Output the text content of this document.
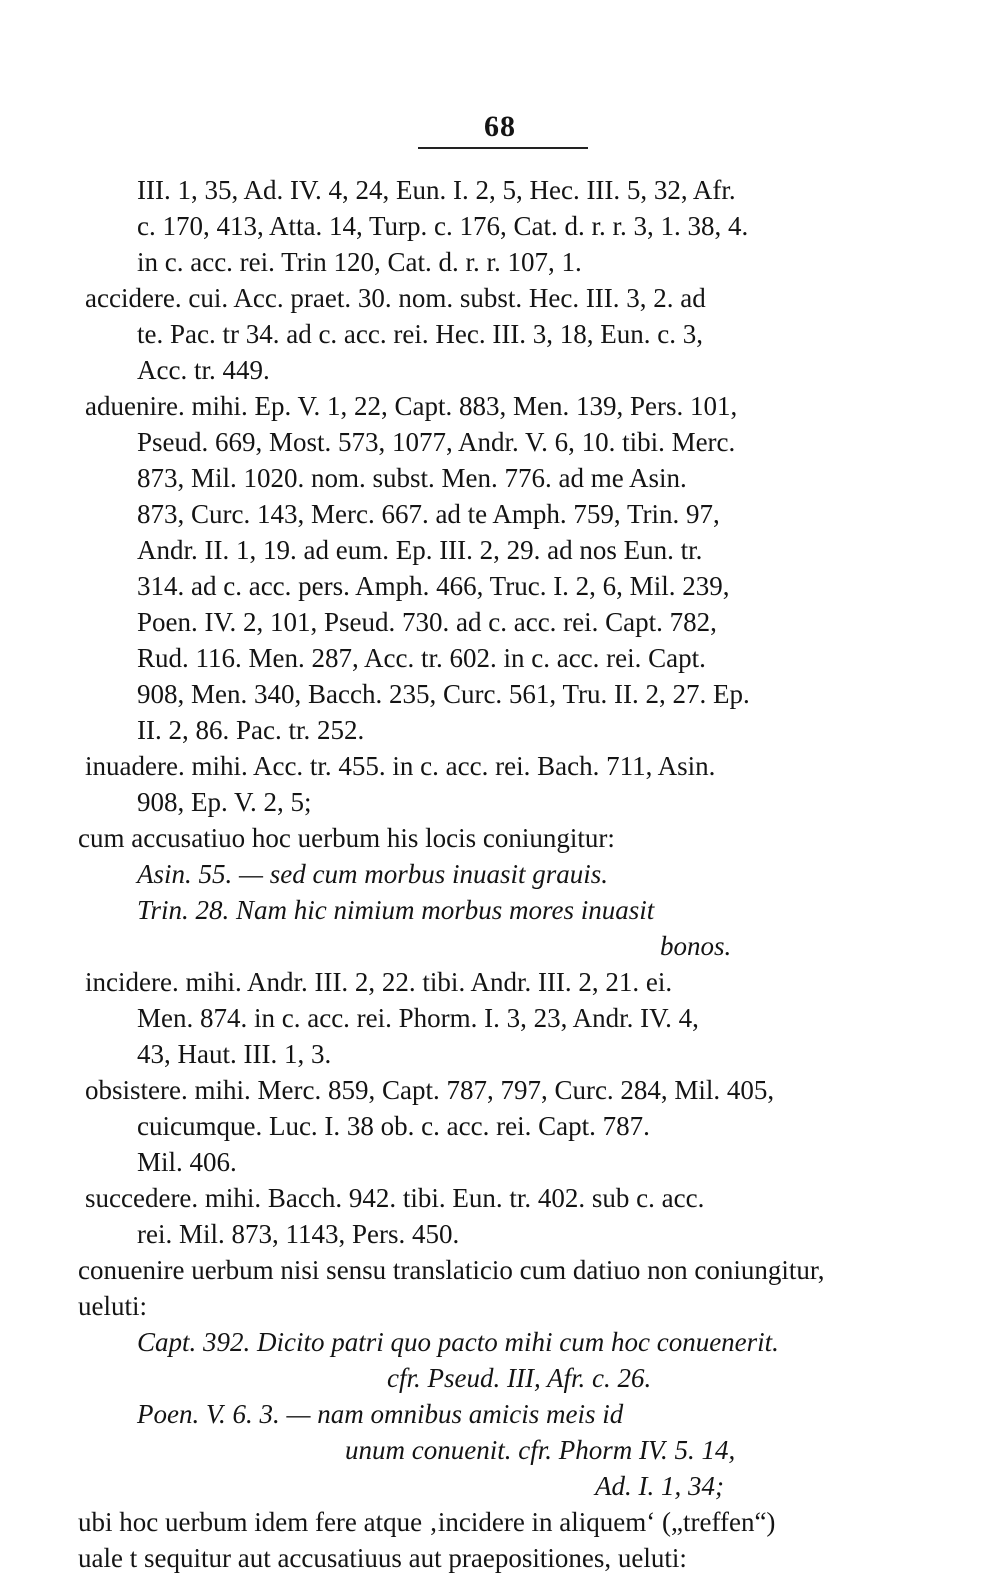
68
III. 1, 35, Ad. IV. 4, 24, Eun. I. 2, 5, Hec. III. 5, 32, Afr.
c. 170, 413, Atta. 14, Turp. c. 176, Cat. d. r. r. 3, 1. 38, 4.
in c. acc. rei. Trin 120, Cat. d. r. r. 107, 1.
accidere. cui. Acc. praet. 30. nom. subst. Hec. III. 3, 2. ad
te. Pac. tr 34. ad c. acc. rei. Hec. III. 3, 18, Eun. c. 3,
Acc. tr. 449.
aduenire. mihi. Ep. V. 1, 22, Capt. 883, Men. 139, Pers. 101,
Pseud. 669, Most. 573, 1077, Andr. V. 6, 10. tibi. Merc.
873, Mil. 1020. nom. subst. Men. 776. ad me Asin.
873, Curc. 143, Merc. 667. ad te Amph. 759, Trin. 97,
Andr. II. 1, 19. ad eum. Ep. III. 2, 29. ad nos Eun. tr.
314. ad c. acc. pers. Amph. 466, Truc. I. 2, 6, Mil. 239,
Poen. IV. 2, 101, Pseud. 730. ad c. acc. rei. Capt. 782,
Rud. 116. Men. 287, Acc. tr. 602. in c. acc. rei. Capt.
908, Men. 340, Bacch. 235, Curc. 561, Tru. II. 2, 27. Ep.
II. 2, 86. Pac. tr. 252.
inuadere. mihi. Acc. tr. 455. in c. acc. rei. Bach. 711, Asin.
908, Ep. V. 2, 5;
cum accusatiuo hoc uerbum his locis coniungitur:
Asin. 55. — sed cum morbus inuasit grauis.
Trin. 28. Nam hic nimium morbus mores inuasit
bonos.
incidere. mihi. Andr. III. 2, 22. tibi. Andr. III. 2, 21. ei.
Men. 874. in c. acc. rei. Phorm. I. 3, 23, Andr. IV. 4,
43, Haut. III. 1, 3.
obsistere. mihi. Merc. 859, Capt. 787, 797, Curc. 284, Mil. 405,
cuicumque. Luc. I. 38 ob. c. acc. rei. Capt. 787.
Mil. 406.
succedere. mihi. Bacch. 942. tibi. Eun. tr. 402. sub c. acc.
rei. Mil. 873, 1143, Pers. 450.
conuenire uerbum nisi sensu translaticio cum datiuo non coniungitur,
ueluti:
Capt. 392. Dicito patri quo pacto mihi cum hoc conuenerit.
cfr. Pseud. III, Afr. c. 26.
Poen. V. 6. 3. — nam omnibus amicis meis id
unum conuenit. cfr. Phorm IV. 5. 14,
Ad. I. 1, 34;
ubi hoc uerbum idem fere atque ‚incidere in aliquem‘ („treffen“)
uale t sequitur aut accusatiuus aut praepositiones, ueluti:
